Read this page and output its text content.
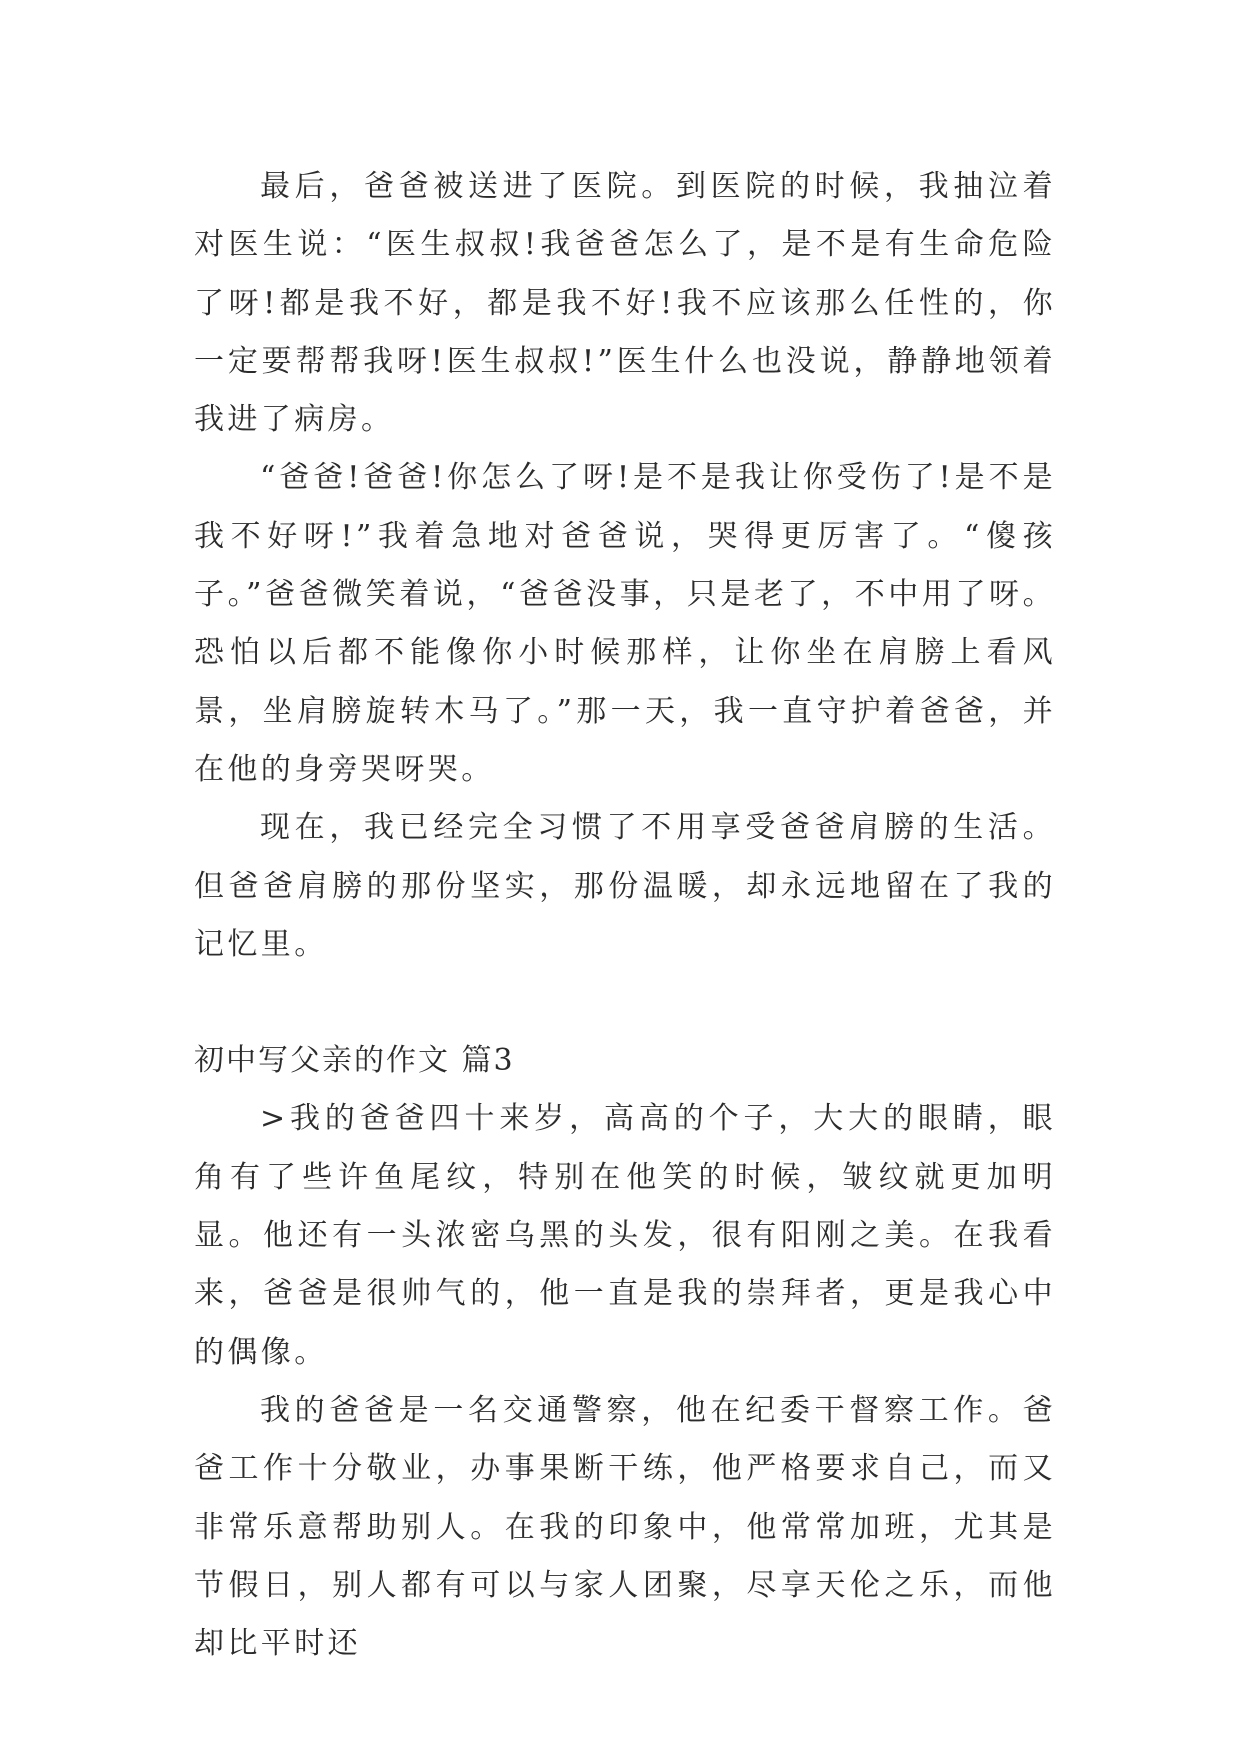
最后，爸爸被送进了医院。到医院的时候，我抽泣着对医生说：“医生叔叔!我爸爸怎么了，是不是有生命危险了呀!都是我不好，都是我不好!我不应该那么任性的，你一定要帮帮我呀!医生叔叔!”医生什么也没说，静静地领着我进了病房。

“爸爸!爸爸!你怎么了呀!是不是我让你受伤了!是不是我不好呀!”我着急地对爸爸说，哭得更厉害了。“傻孩子。”爸爸微笑着说，“爸爸没事，只是老了，不中用了呀。恐怕以后都不能像你小时候那样，让你坐在肩膀上看风景，坐肩膀旋转木马了。”那一天，我一直守护着爸爸，并在他的身旁哭呀哭。

现在，我已经完全习惯了不用享受爸爸肩膀的生活。但爸爸肩膀的那份坚实，那份温暖，却永远地留在了我的记忆里。

初中写父亲的作文 篇3

>我的爸爸四十来岁，高高的个子，大大的眼睛，眼角有了些许鱼尾纹，特别在他笑的时候，皱纹就更加明显。他还有一头浓密乌黑的头发，很有阳刚之美。在我看来，爸爸是很帅气的，他一直是我的崇拜者，更是我心中的偶像。

我的爸爸是一名交通警察，他在纪委干督察工作。爸爸工作十分敬业，办事果断干练，他严格要求自己，而又非常乐意帮助别人。在我的印象中，他常常加班，尤其是节假日，别人都有可以与家人团聚，尽享天伦之乐，而他却比平时还
